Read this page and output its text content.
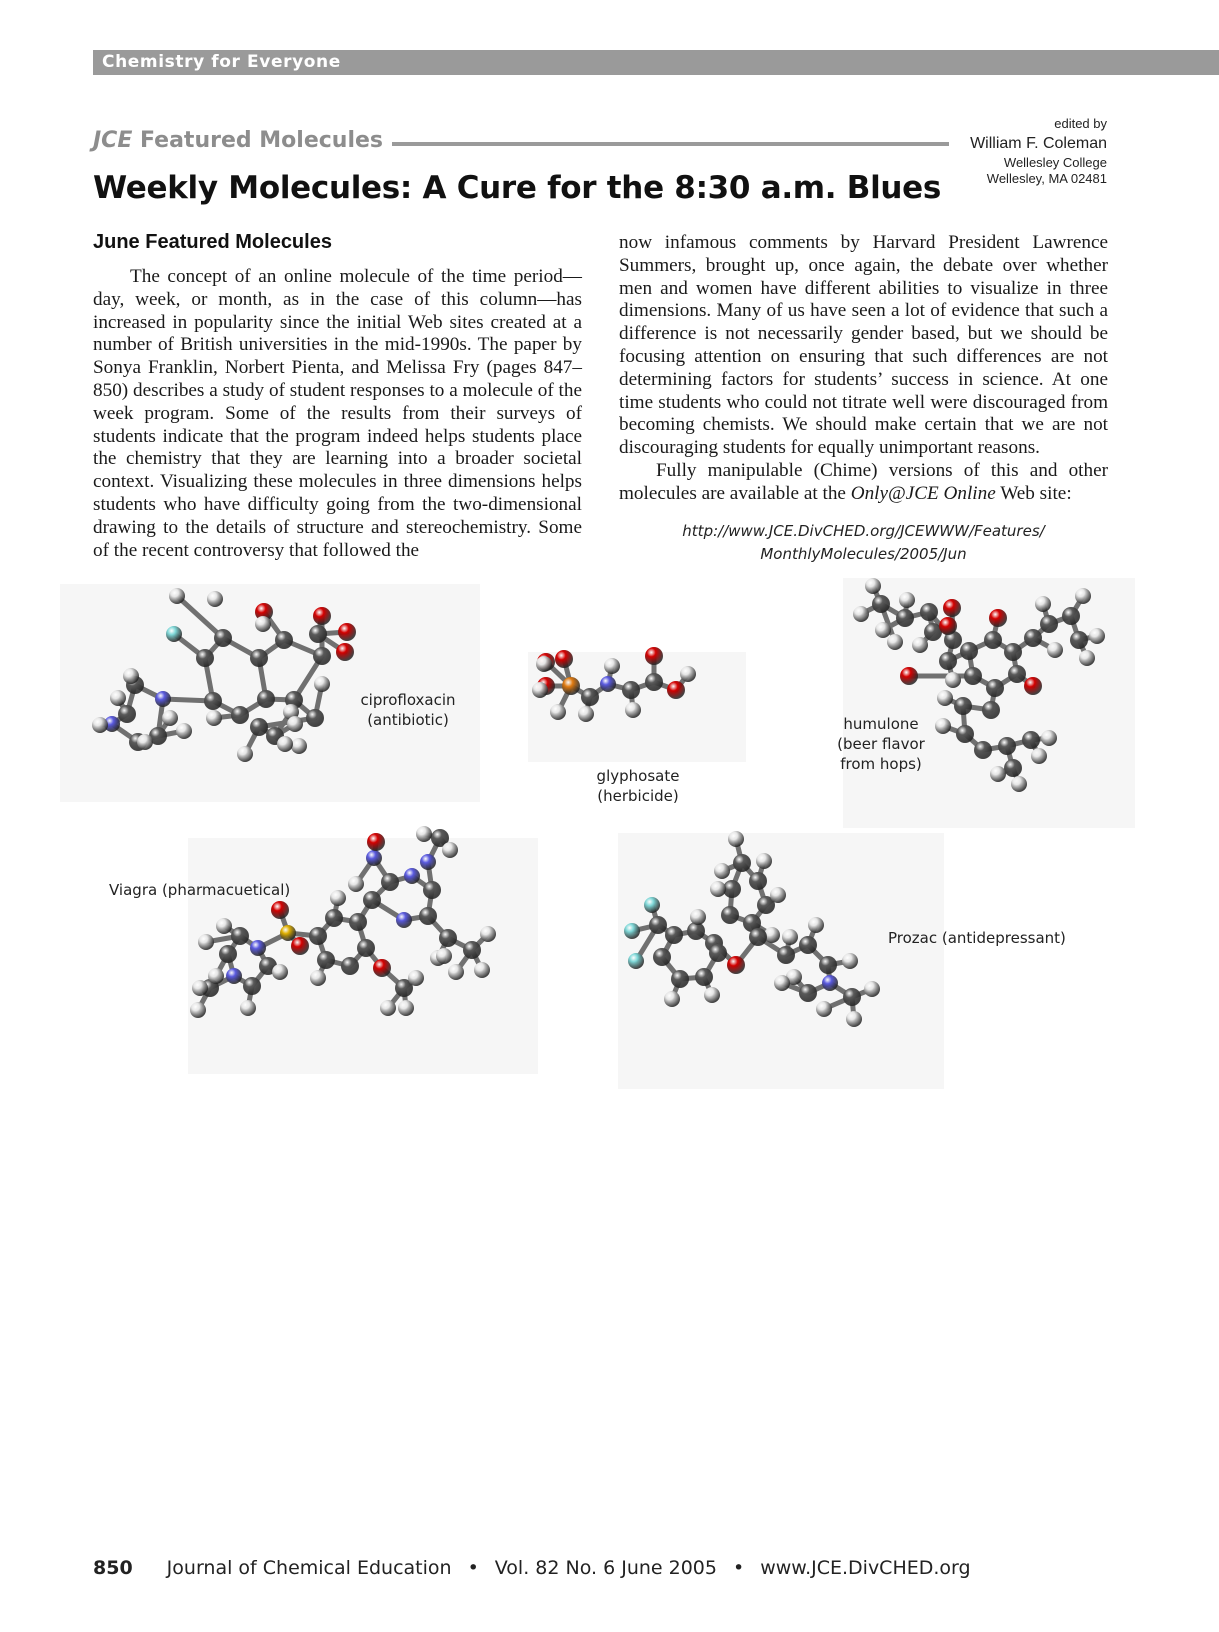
Chemistry for Everyone
JCE Featured Molecules
edited by
William F. Coleman
Wellesley College
Wellesley, MA 02481
Weekly Molecules: A Cure for the 8:30 a.m. Blues
June Featured Molecules

The concept of an online molecule of the time period—day, week, or month, as in the case of this column—has increased in popularity since the initial Web sites created at a number of British universities in the mid-1990s. The paper by Sonya Franklin, Norbert Pienta, and Melissa Fry (pages 847–850) describes a study of student responses to a molecule of the week program. Some of the results from their surveys of students indicate that the program indeed helps students place the chemistry that they are learning into a broader societal context. Visualizing these molecules in three dimensions helps students who have difficulty going from the two-dimensional drawing to the details of structure and stereochemistry. Some of the recent controversy that followed the

now infamous comments by Harvard President Lawrence Summers, brought up, once again, the debate over whether men and women have different abilities to visualize in three dimensions. Many of us have seen a lot of evidence that such a difference is not necessarily gender based, but we should be focusing attention on ensuring that such differences are not determining factors for students’ success in science. At one time students who could not titrate well were discouraged from becoming chemists. We should make certain that we are not discouraging students for equally unimportant reasons.

Fully manipulable (Chime) versions of this and other molecules are available at the Only@JCE Online Web site:

http://www.JCE.DivCHED.org/JCEWWW/Features/
MonthlyMolecules/2005/Jun
ciprofloxacin
(antibiotic)
glyphosate
(herbicide)
humulone
(beer flavor
from hops)
Viagra (pharmacuetical)
Prozac (antidepressant)
850 Journal of Chemical Education • Vol. 82 No. 6 June 2005 • www.JCE.DivCHED.org
